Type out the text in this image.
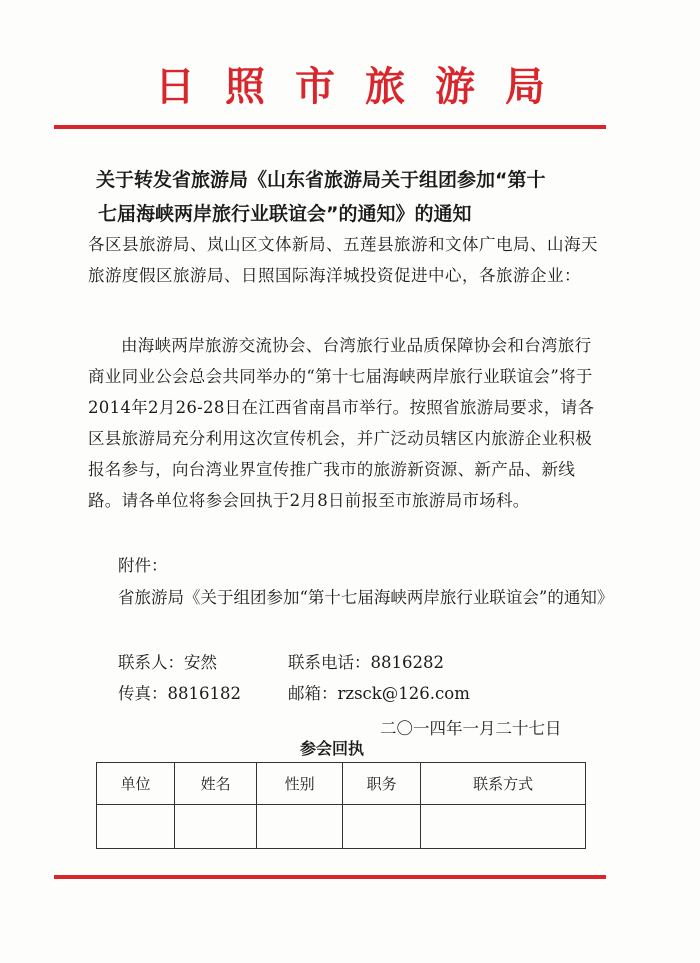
日照市旅游局
关于转发省旅游局《山东省旅游局关于组团参加“第十
七届海峡两岸旅行业联谊会”的通知》的通知
各区县旅游局、岚山区文体新局、五莲县旅游和文体广电局、山海天旅游度假区旅游局、日照国际海洋城投资促进中心，各旅游企业：
由海峡两岸旅游交流协会、台湾旅行业品质保障协会和台湾旅行商业同业公会总会共同举办的“第十七届海峡两岸旅行业联谊会”将于2014年2月26-28日在江西省南昌市举行。按照省旅游局要求，请各区县旅游局充分利用这次宣传机会，并广泛动员辖区内旅游企业积极报名参与，向台湾业界宣传推广我市的旅游新资源、新产品、新线路。请各单位将参会回执于2月8日前报至市旅游局市场科。
附件：
省旅游局《关于组团参加“第十七届海峡两岸旅行业联谊会”的通知》
联系人：安然	联系电话：8816282
传真：8816182	邮箱：rzsck@126.com
二〇一四年一月二十七日
参会回执
单位	姓名	性别	职务	联系方式
